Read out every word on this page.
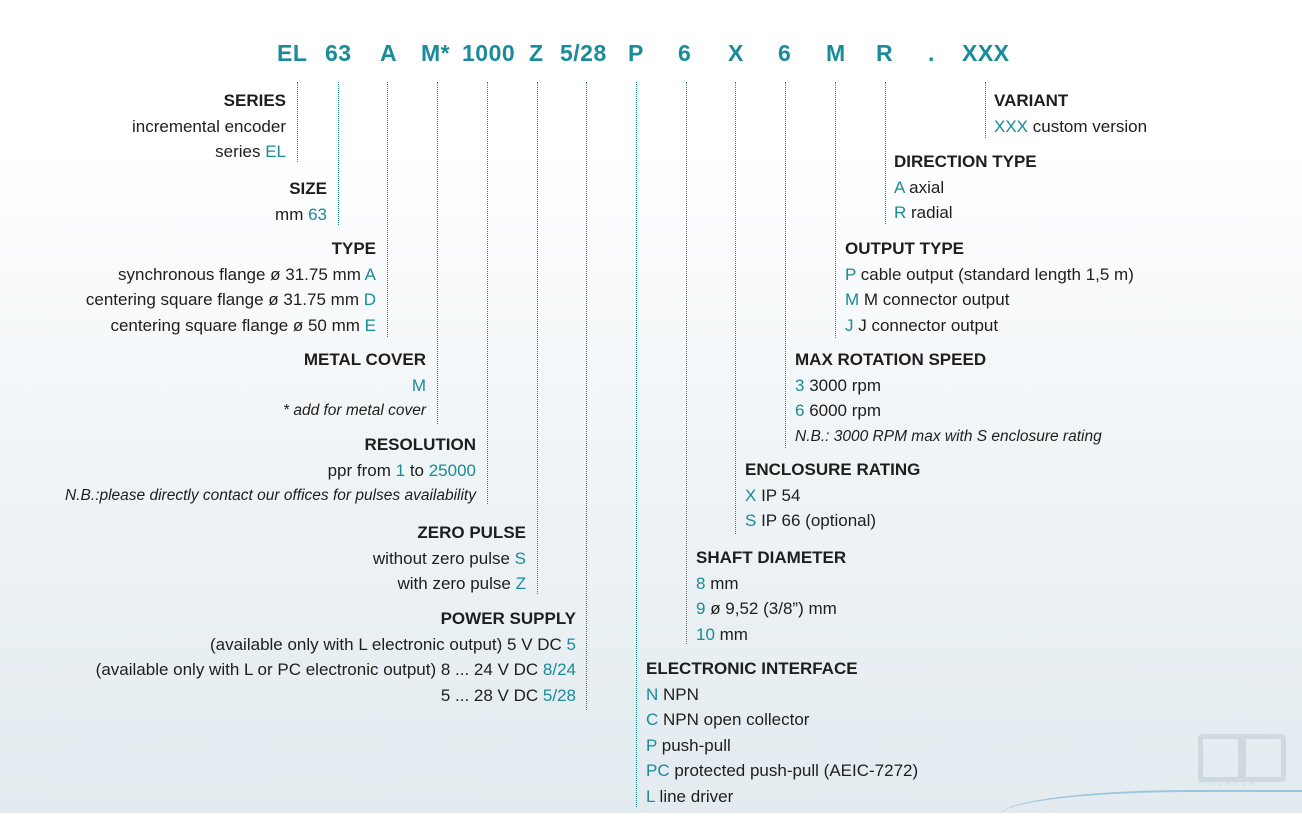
EL 63 A M* 1000 Z 5/28 P 6 X 6 M R . XXX
SERIES
incremental encoder
series EL
SIZE
mm 63
TYPE
synchronous flange ø 31.75 mm A
centering square flange ø 31.75 mm D
centering square flange ø 50 mm E
METAL COVER
M
* add for metal cover
RESOLUTION
ppr from 1 to 25000
N.B.:please directly contact our offices for pulses availability
ZERO PULSE
without zero pulse S
with zero pulse Z
POWER SUPPLY
(available only with L electronic output) 5 V DC 5
(available only with L or PC electronic output) 8 ... 24 V DC 8/24
5 ... 28 V DC 5/28
VARIANT
XXX custom version
DIRECTION TYPE
A axial
R radial
OUTPUT TYPE
P cable output (standard length 1,5 m)
M M connector output
J J connector output
MAX ROTATION SPEED
3 3000 rpm
6 6000 rpm
N.B.: 3000 RPM max with S enclosure rating
ENCLOSURE RATING
X IP 54
S IP 66 (optional)
SHAFT DIAMETER
8 mm
9 ø 9,52 (3/8”) mm
10 mm
ELECTRONIC INTERFACE
N NPN
C NPN open collector
P push-pull
PC protected push-pull (AEIC-7272)
L line driver
PHPCMS.CN
